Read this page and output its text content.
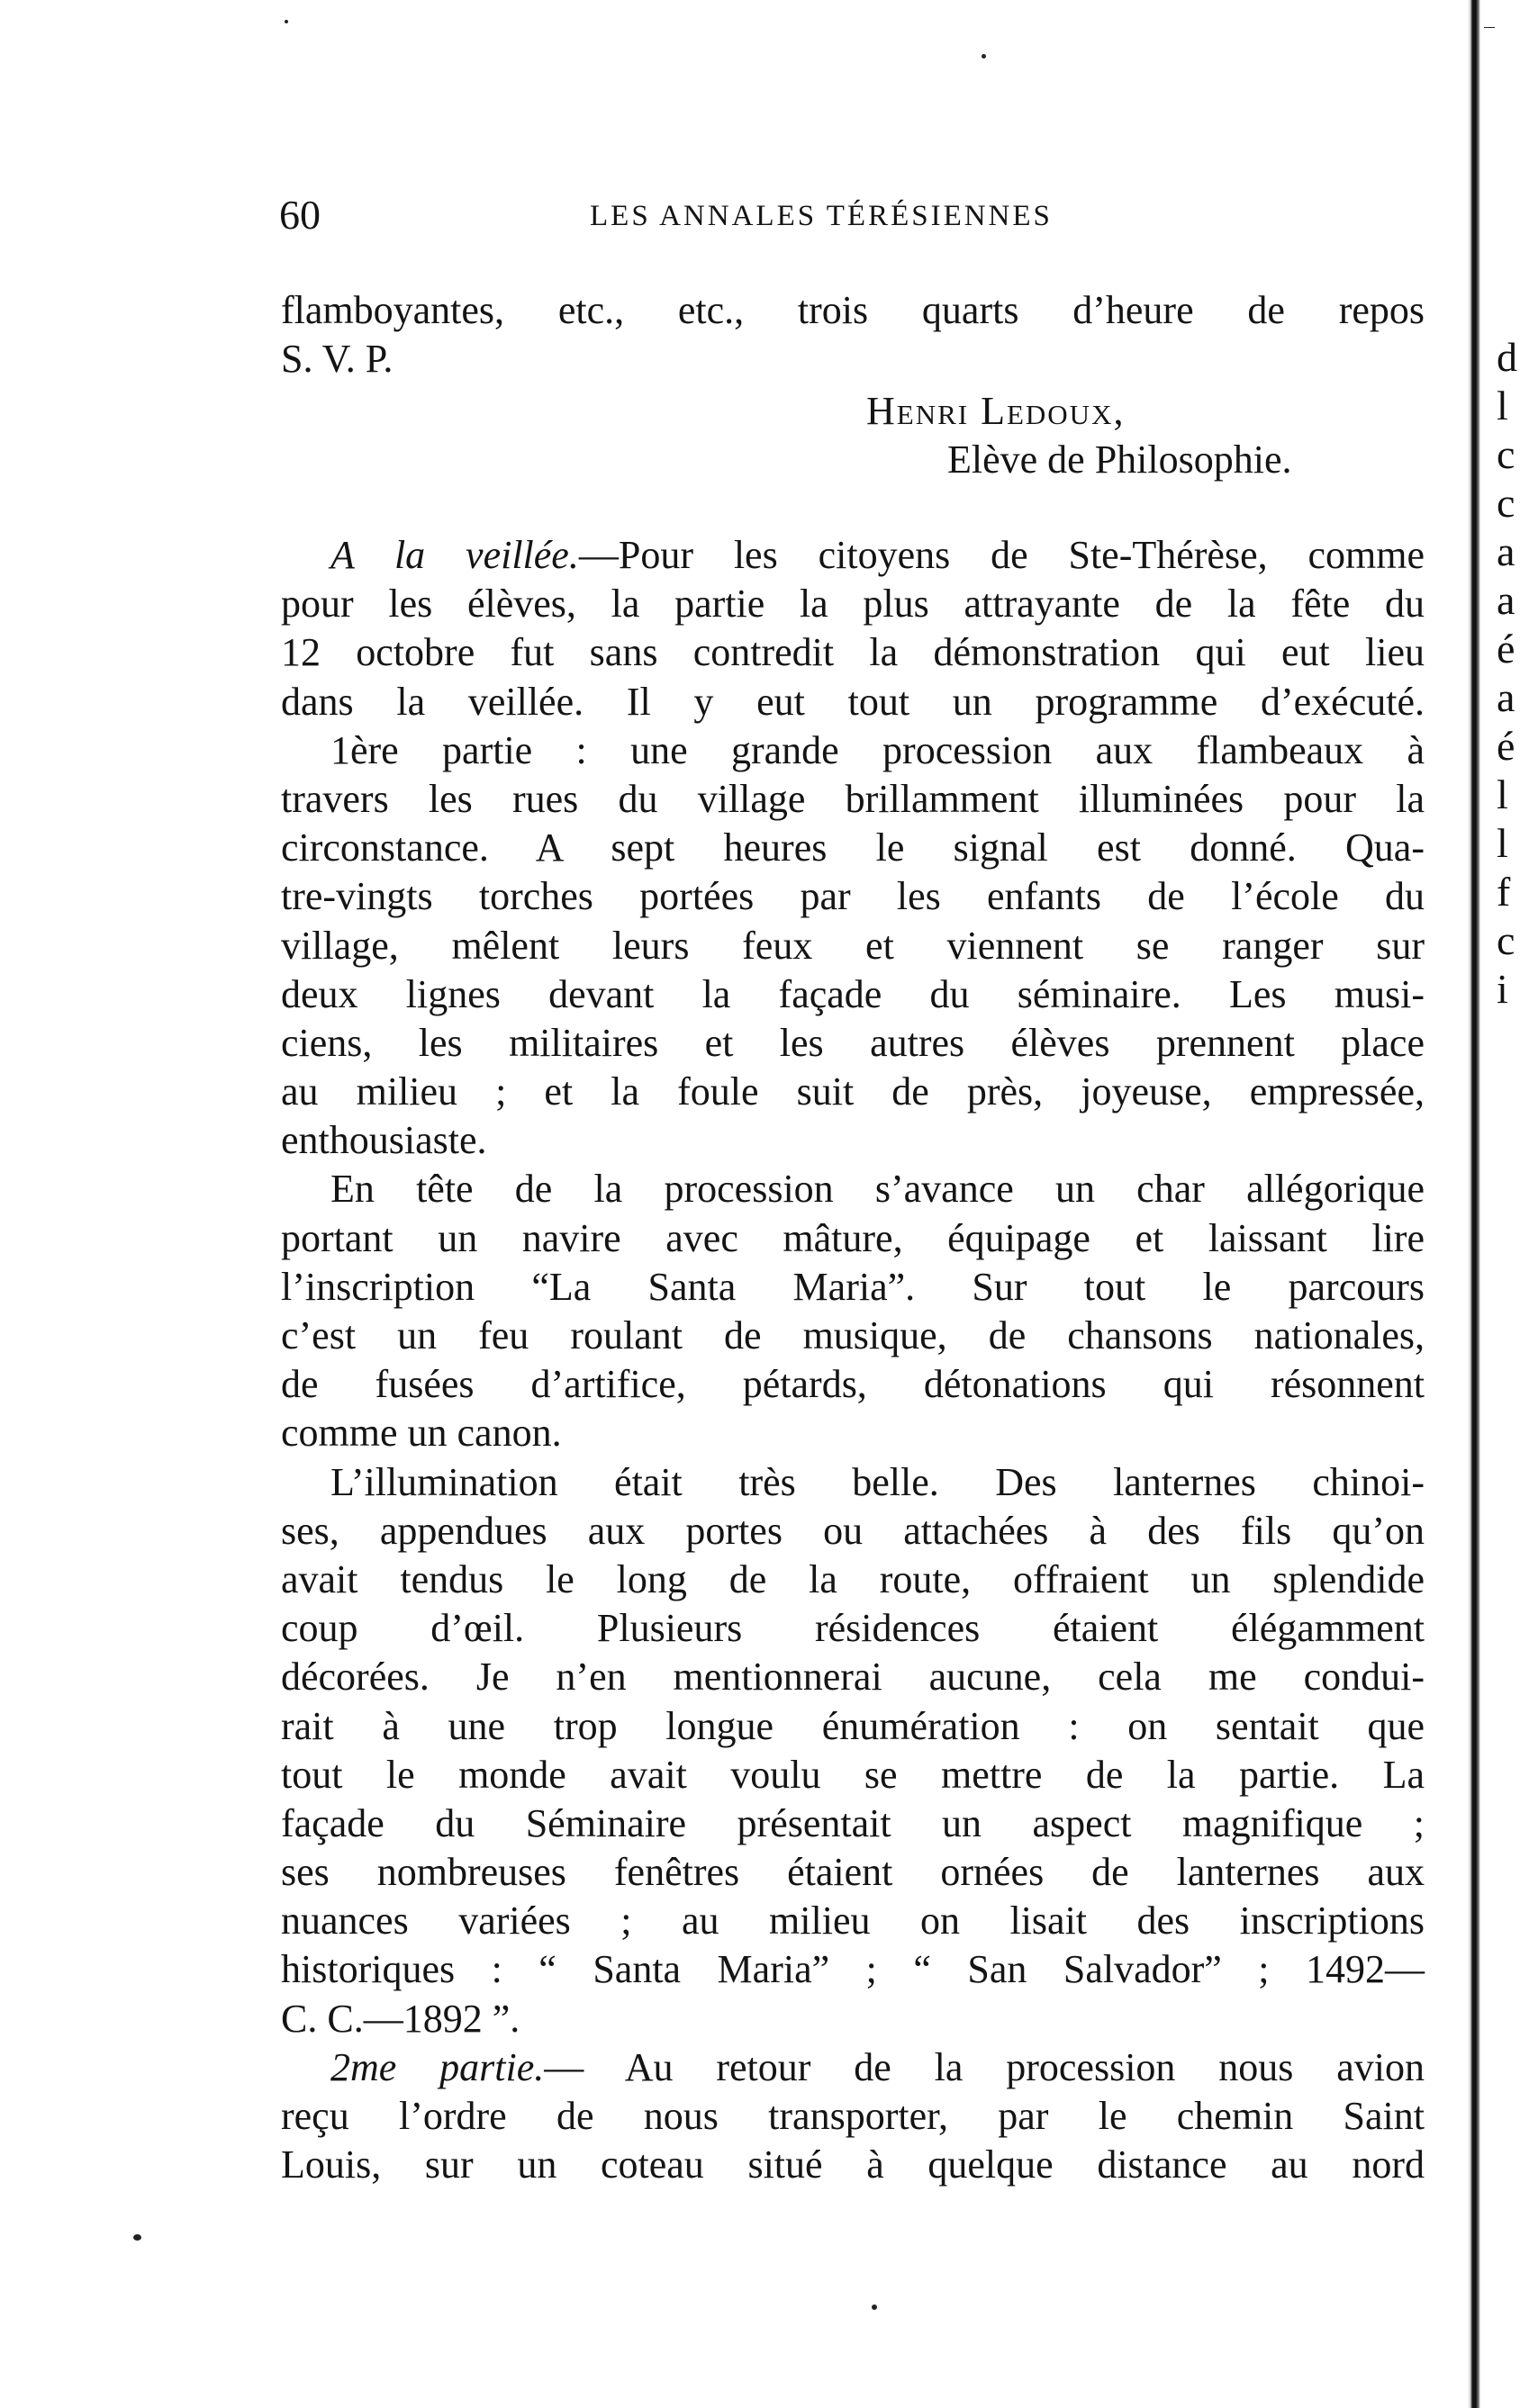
d
l
c
c
a
a
é
a
é
l
l
f
c
i
60	LES ANNALES TÉRÉSIENNES
flamboyantes, etc., etc., trois quarts d’heure de repos
S. V. P.
Henri Ledoux,
Elève de Philosophie.
A la veillée.—Pour les citoyens de Ste-Thérèse, comme
pour les élèves, la partie la plus attrayante de la fête du
12 octobre fut sans contredit la démonstration qui eut lieu
dans la veillée. Il y eut tout un programme d’exécuté.
1ère partie : une grande procession aux flambeaux à
travers les rues du village brillamment illuminées pour la
circonstance. A sept heures le signal est donné. Qua-
tre-vingts torches portées par les enfants de l’école du
village, mêlent leurs feux et viennent se ranger sur
deux lignes devant la façade du séminaire. Les musi-
ciens, les militaires et les autres élèves prennent place
au milieu ; et la foule suit de près, joyeuse, empressée,
enthousiaste.
En tête de la procession s’avance un char allégorique
portant un navire avec mâture, équipage et laissant lire
l’inscription “La Santa Maria”. Sur tout le parcours
c’est un feu roulant de musique, de chansons nationales,
de fusées d’artifice, pétards, détonations qui résonnent
comme un canon.
L’illumination était très belle. Des lanternes chinoi-
ses, appendues aux portes ou attachées à des fils qu’on
avait tendus le long de la route, offraient un splendide
coup d’œil. Plusieurs résidences étaient élégamment
décorées. Je n’en mentionnerai aucune, cela me condui-
rait à une trop longue énumération : on sentait que
tout le monde avait voulu se mettre de la partie. La
façade du Séminaire présentait un aspect magnifique ;
ses nombreuses fenêtres étaient ornées de lanternes aux
nuances variées ; au milieu on lisait des inscriptions
historiques : “ Santa Maria” ; “ San Salvador” ; 1492—
C. C.—1892 ”.
2me partie.— Au retour de la procession nous avion
reçu l’ordre de nous transporter, par le chemin Saint
Louis, sur un coteau situé à quelque distance au nord
